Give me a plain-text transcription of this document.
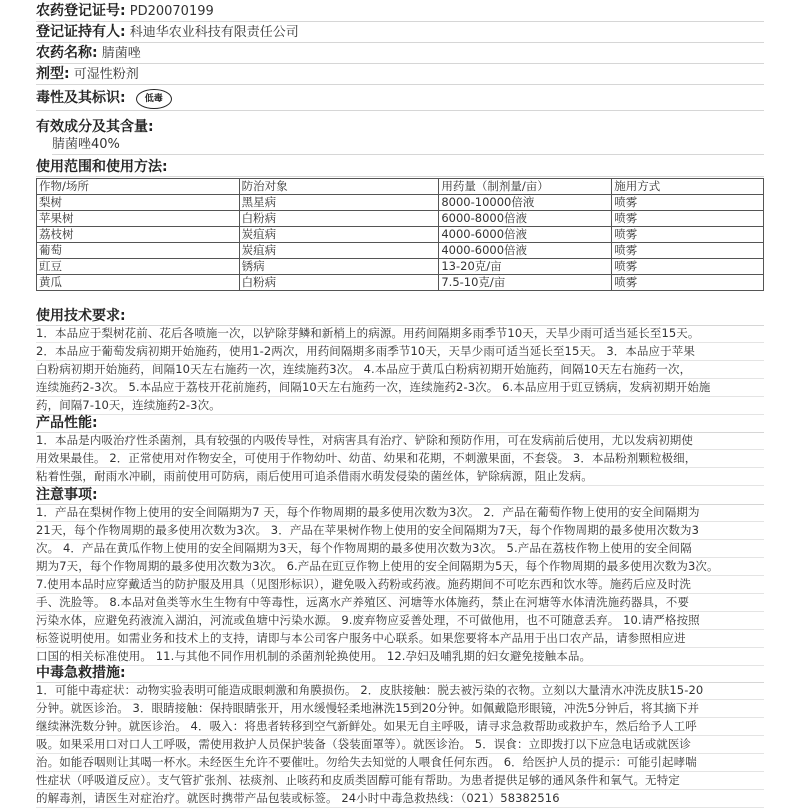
农药登记证号: PD20070199
登记证持有人: 科迪华农业科技有限责任公司
农药名称: 腈菌唑
剂型: 可湿性粉剂
毒性及其标识: 低毒
有效成分及其含量:
腈菌唑40%
使用范围和使用方法:
作物/场所	防治对象	用药量（制剂量/亩）	施用方式
梨树	黑星病	8000-10000倍液	喷雾
苹果树	白粉病	6000-8000倍液	喷雾
荔枝树	炭疽病	4000-6000倍液	喷雾
葡萄	炭疽病	4000-6000倍液	喷雾
豇豆	锈病	13-20克/亩	喷雾
黄瓜	白粉病	7.5-10克/亩	喷雾
使用技术要求:
1．本品应于梨树花前、花后各喷施一次，以铲除芽鳞和新梢上的病源。用药间隔期多雨季节10天，天旱少雨可适当延长至15天。
2．本品应于葡萄发病初期开始施药，使用1-2两次，用药间隔期多雨季节10天，天旱少雨可适当延长至15天。 3．本品应于苹果
白粉病初期开始施药，间隔10天左右施药一次，连续施药3次。 4.本品应于黄瓜白粉病初期开始施药，间隔10天左右施药一次，
连续施药2-3次。 5.本品应于荔枝开花前施药，间隔10天左右施药一次，连续施药2-3次。 6.本品应用于豇豆锈病，发病初期开始施
药，间隔7-10天，连续施药2-3次。
产品性能:
1．本品是内吸治疗性杀菌剂，具有较强的内吸传导性，对病害具有治疗、铲除和预防作用，可在发病前后使用，尤以发病初期使
用效果最佳。 2．正常使用对作物安全，可使用于作物幼叶、幼苗、幼果和花期，不刺激果面，不套袋。 3．本品粉剂颗粒极细，
粘着性强，耐雨水冲刷，雨前使用可防病，雨后使用可追杀借雨水萌发侵染的菌丝体，铲除病源，阻止发病。
注意事项:
1．产品在梨树作物上使用的安全间隔期为7 天，每个作物周期的最多使用次数为3次。 2．产品在葡萄作物上使用的安全间隔期为
21天，每个作物周期的最多使用次数为3次。 3．产品在苹果树作物上使用的安全间隔期为7天，每个作物周期的最多使用次数为3
次。 4．产品在黄瓜作物上使用的安全间隔期为3天，每个作物周期的最多使用次数为3次。 5.产品在荔枝作物上使用的安全间隔
期为7天，每个作物周期的最多使用次数为3次。 6.产品在豇豆作物上使用的安全间隔期为5天，每个作物周期的最多使用次数为3次。
7.使用本品时应穿戴适当的防护服及用具（见图形标识），避免吸入药粉或药液。施药期间不可吃东西和饮水等。施药后应及时洗
手、洗脸等。 8.本品对鱼类等水生生物有中等毒性，远离水产养殖区、河塘等水体施药，禁止在河塘等水体清洗施药器具，不要
污染水体，应避免药液流入湖泊，河流或鱼塘中污染水源。 9.废弃物应妥善处理，不可做他用，也不可随意丢弃。 10.请严格按照
标签说明使用。如需业务和技术上的支持，请即与本公司客户服务中心联系。如果您要将本产品用于出口农产品，请参照相应进
口国的相关标准使用。 11.与其他不同作用机制的杀菌剂轮换使用。 12.孕妇及哺乳期的妇女避免接触本品。
中毒急救措施:
1．可能中毒症状：动物实验表明可能造成眼刺激和角膜损伤。 2．皮肤接触：脱去被污染的衣物。立刻以大量清水冲洗皮肤15-20
分钟。就医诊治。 3．眼睛接触：保持眼睛张开，用水缓慢轻柔地淋洗15到20分钟。如佩戴隐形眼镜，冲洗5分钟后，将其摘下并
继续淋洗数分钟。就医诊治。 4．吸入：将患者转移到空气新鲜处。如果无自主呼吸，请寻求急救帮助或救护车，然后给予人工呼
吸。如果采用口对口人工呼吸，需使用救护人员保护装备（袋装面罩等）。就医诊治。 5．误食：立即拨打以下应急电话或就医诊
治。如能吞咽则让其喝一杯水。未经医生允许不要催吐。勿给失去知觉的人喂食任何东西。 6．给医护人员的提示：可能引起哮喘
性症状（呼吸道反应）。支气管扩张剂、祛痰剂、止咳药和皮质类固醇可能有帮助。为患者提供足够的通风条件和氧气。无特定
的解毒剂，请医生对症治疗。就医时携带产品包装或标签。 24小时中毒急救热线：（021）58382516
